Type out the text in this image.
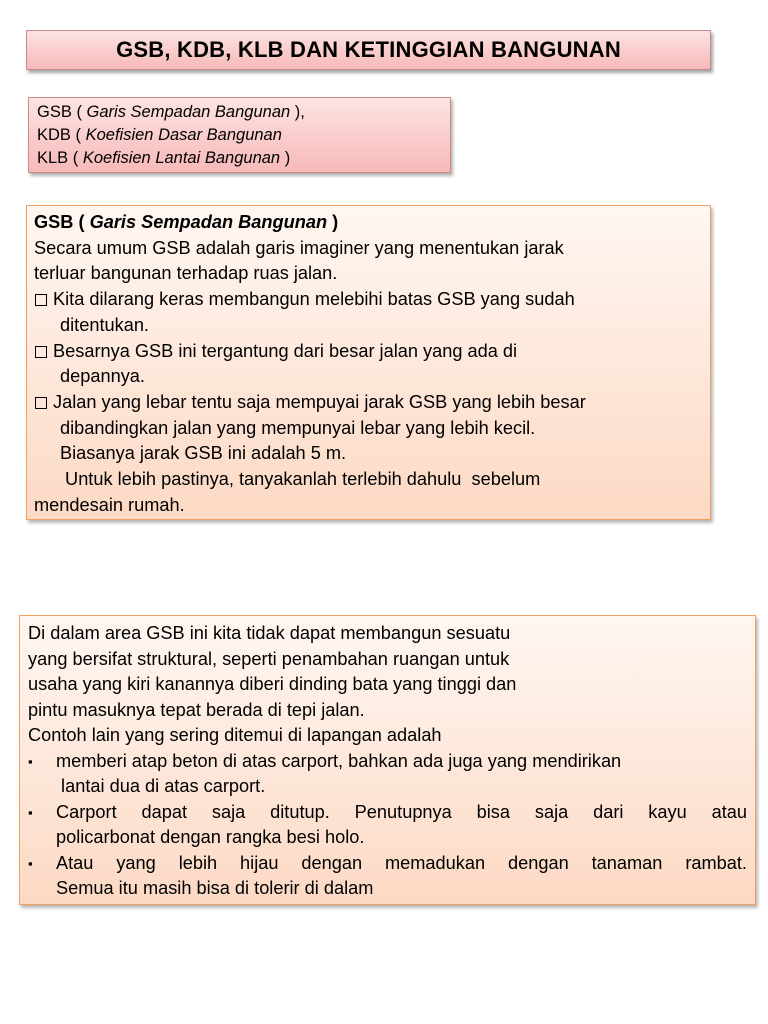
GSB, KDB, KLB DAN KETINGGIAN BANGUNAN
GSB ( Garis Sempadan Bangunan ),
KDB ( Koefisien Dasar Bangunan
KLB ( Koefisien Lantai Bangunan )
GSB ( Garis Sempadan Bangunan )
Secara umum GSB adalah garis imaginer yang menentukan jarak
terluar bangunan terhadap ruas jalan.
Kita dilarang keras membangun melebihi batas GSB yang sudah
ditentukan.
Besarnya GSB ini tergantung dari besar jalan yang ada di
depannya.
Jalan yang lebar tentu saja mempuyai jarak GSB yang lebih besar
dibandingkan jalan yang mempunyai lebar yang lebih kecil.
Biasanya jarak GSB ini adalah 5 m.
Untuk lebih pastinya, tanyakanlah terlebih dahulu  sebelum
mendesain rumah.
Di dalam area GSB ini kita tidak dapat membangun sesuatu
yang bersifat struktural, seperti penambahan ruangan untuk
usaha yang kiri kanannya diberi dinding bata yang tinggi dan
pintu masuknya tepat berada di tepi jalan.
Contoh lain yang sering ditemui di lapangan adalah
▪	memberi atap beton di atas carport, bahkan ada juga yang mendirikan
lantai dua di atas carport.
▪	Carport dapat saja ditutup. Penutupnya bisa saja dari kayu atau
policarbonat dengan rangka besi holo.
▪	Atau yang lebih hijau dengan memadukan dengan tanaman rambat.
Semua itu masih bisa di tolerir di dalam
